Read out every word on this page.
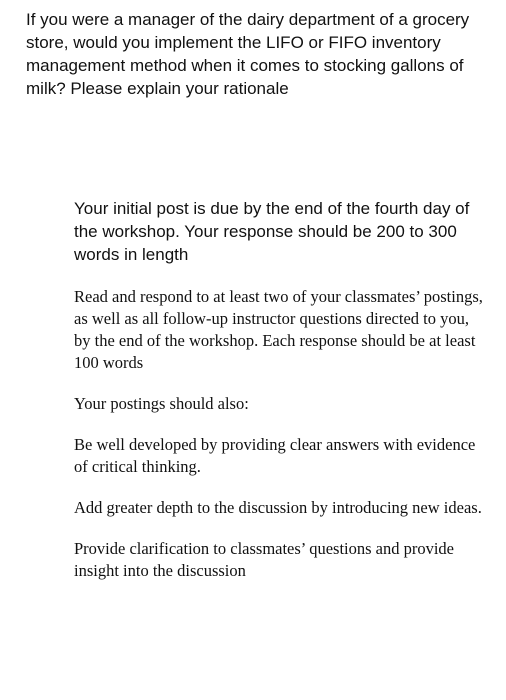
If you were a manager of the dairy department of a grocery store, would you implement the LIFO or FIFO inventory management method when it comes to stocking gallons of milk? Please explain your rationale

Your initial post is due by the end of the fourth day of the workshop. Your response should be 200 to 300 words in length

Read and respond to at least two of your classmates’ postings, as well as all follow-up instructor questions directed to you, by the end of the workshop. Each response should be at least 100 words

Your postings should also:

Be well developed by providing clear answers with evidence of critical thinking.

Add greater depth to the discussion by introducing new ideas.

Provide clarification to classmates’ questions and provide insight into the discussion
